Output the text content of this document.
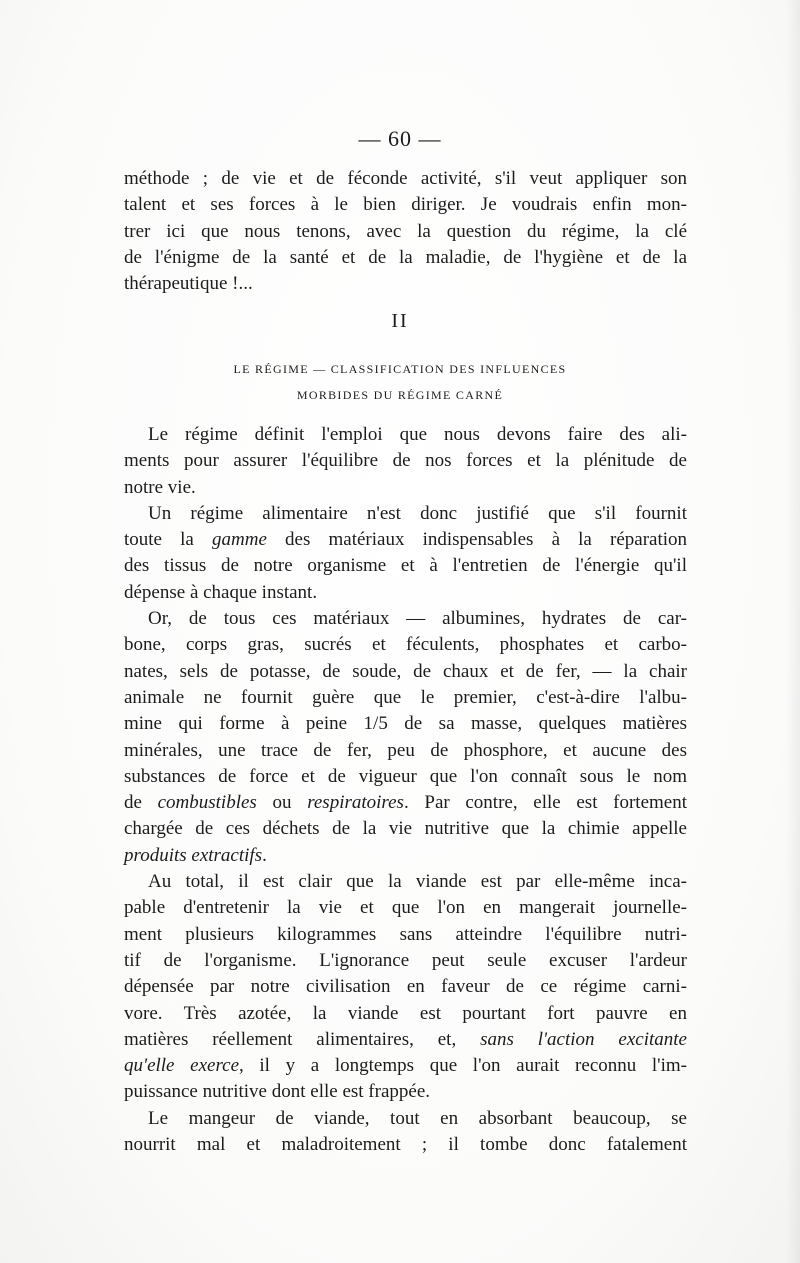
— 60 —
méthode ; de vie et de féconde activité, s'il veut appliquer son
talent et ses forces à le bien diriger. Je voudrais enfin mon-
trer ici que nous tenons, avec la question du régime, la clé
de l'énigme de la santé et de la maladie, de l'hygiène et de la
thérapeutique !...
II
LE RÉGIME — CLASSIFICATION DES INFLUENCES
MORBIDES DU RÉGIME CARNÉ
Le régime définit l'emploi que nous devons faire des ali-
ments pour assurer l'équilibre de nos forces et la plénitude de
notre vie.
Un régime alimentaire n'est donc justifié que s'il fournit
toute la gamme des matériaux indispensables à la réparation
des tissus de notre organisme et à l'entretien de l'énergie qu'il
dépense à chaque instant.
Or, de tous ces matériaux — albumines, hydrates de car-
bone, corps gras, sucrés et féculents, phosphates et carbo-
nates, sels de potasse, de soude, de chaux et de fer, — la chair
animale ne fournit guère que le premier, c'est-à-dire l'albu-
mine qui forme à peine 1/5 de sa masse, quelques matières
minérales, une trace de fer, peu de phosphore, et aucune des
substances de force et de vigueur que l'on connaît sous le nom
de combustibles ou respiratoires. Par contre, elle est fortement
chargée de ces déchets de la vie nutritive que la chimie appelle
produits extractifs.
Au total, il est clair que la viande est par elle-même inca-
pable d'entretenir la vie et que l'on en mangerait journelle-
ment plusieurs kilogrammes sans atteindre l'équilibre nutri-
tif de l'organisme. L'ignorance peut seule excuser l'ardeur
dépensée par notre civilisation en faveur de ce régime carni-
vore. Très azotée, la viande est pourtant fort pauvre en
matières réellement alimentaires, et, sans l'action excitante
qu'elle exerce, il y a longtemps que l'on aurait reconnu l'im-
puissance nutritive dont elle est frappée.
Le mangeur de viande, tout en absorbant beaucoup, se
nourrit mal et maladroitement ; il tombe donc fatalement
